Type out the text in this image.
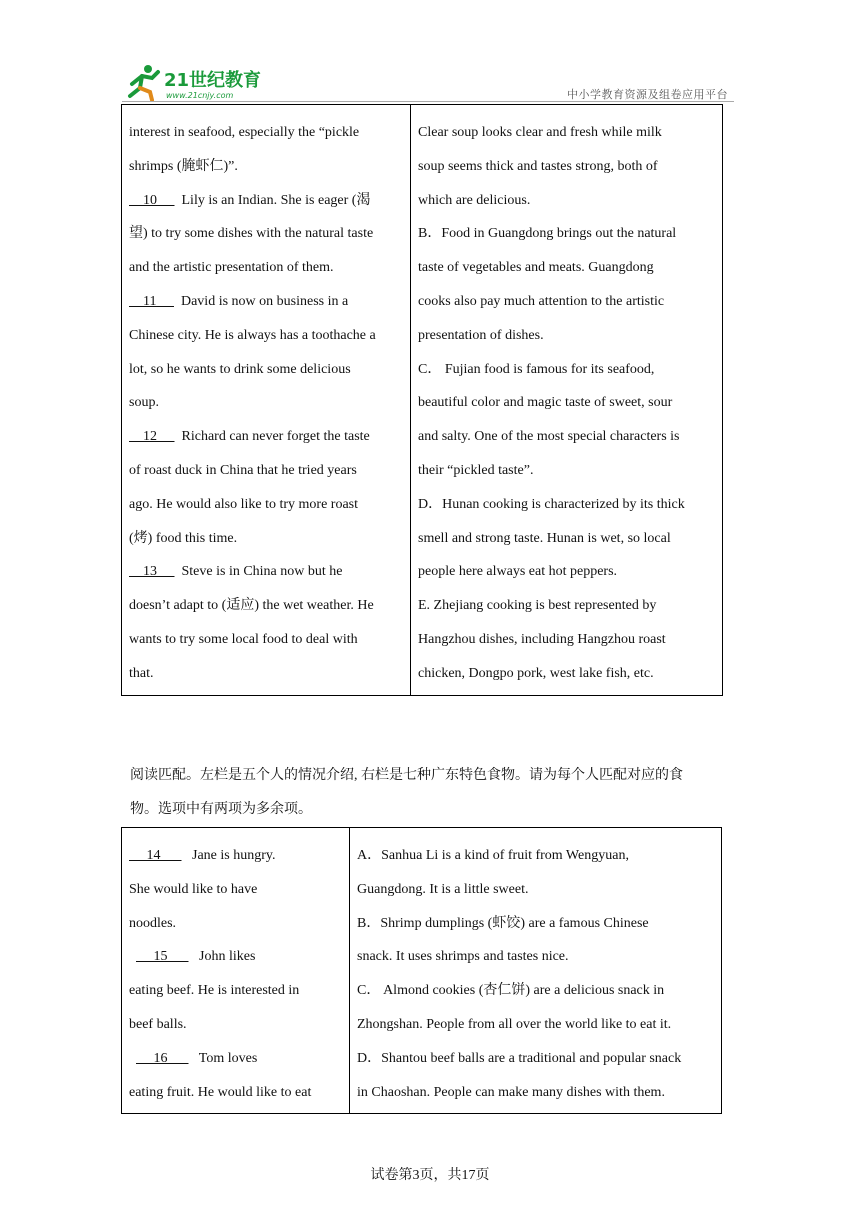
21世纪教育
www.21cnjy.com	中小学教育资源及组卷应用平台
interest in seafood, especially the “pickle
shrimps (腌虾仁)”.
10       Lily is an Indian. She is eager (渴
望) to try some dishes with the natural taste
and the artistic presentation of them.
11       David is now on business in a
Chinese city. He is always has a toothache a
lot, so he wants to drink some delicious
soup.
12       Richard can never forget the taste
of roast duck in China that he tried years
ago. He would also like to try more roast
(烤) food this time.
13       Steve is in China now but he
doesn’t adapt to (适应) the wet weather. He
wants to try some local food to deal with
that.

Clear soup looks clear and fresh while milk
soup seems thick and tastes strong, both of
which are delicious.
B．Food in Guangdong brings out the natural
taste of vegetables and meats. Guangdong
cooks also pay much attention to the artistic
presentation of dishes.
C． Fujian food is famous for its seafood,
beautiful color and magic taste of sweet, sour
and salty. One of the most special characters is
their “pickled taste”.
D．Hunan cooking is characterized by its thick
smell and strong taste. Hunan is wet, so local
people here always eat hot peppers.
E. Zhejiang cooking is best represented by
Hangzhou dishes, including Hangzhou roast
chicken, Dongpo pork, west lake fish, etc.
阅读匹配。左栏是五个人的情况介绍, 右栏是七种广东特色食物。请为每个人匹配对应的食
物。选项中有两项为多余项。
14         Jane is hungry.
She would like to have
noodles.
15         John likes
eating beef. He is interested in
beef balls.
16         Tom loves
eating fruit. He would like to eat

A．Sanhua Li is a kind of fruit from Wengyuan,
Guangdong. It is a little sweet.
B．Shrimp dumplings (虾饺) are a famous Chinese
snack. It uses shrimps and tastes nice.
C． Almond cookies (杏仁饼) are a delicious snack in
Zhongshan. People from all over the world like to eat it.
D．Shantou beef balls are a traditional and popular snack
in Chaoshan. People can make many dishes with them.
试卷第3页，共17页
